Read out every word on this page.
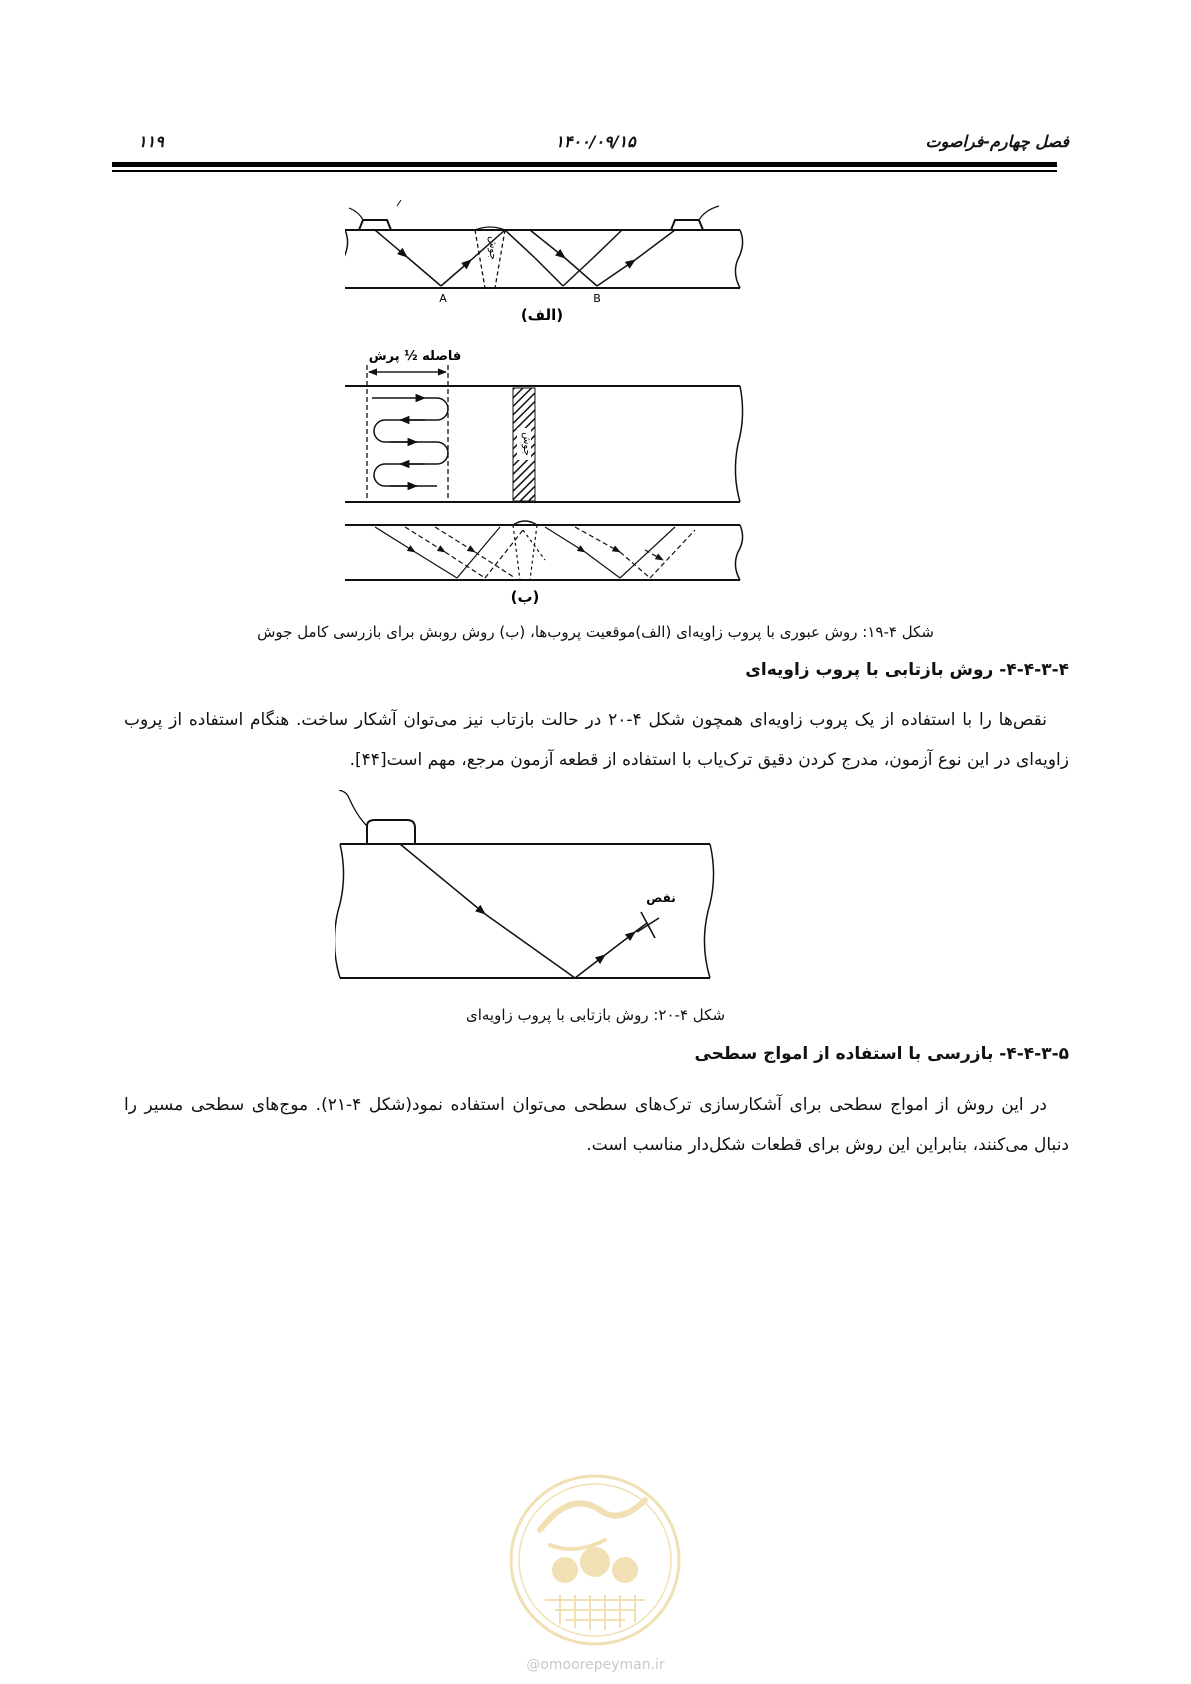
فصل چهارم-فراصوت
۱۴۰۰/۰۹/۱۵
۱۱۹
جوش
A	B
(الف)
فاصله ½ پرش
جوش
(ب)
شکل ۴-۱۹: روش عبوری با پروب زاویه‌ای (الف)موقعیت پروب‌ها، (ب) روش روبش برای بازرسی کامل جوش
۴-۴-۳-۴- روش بازتابی با پروب زاویه‌ای
نقص‌ها را با استفاده از یک پروب زاویه‌ای همچون شکل ۴-۲۰ در حالت بازتاب نیز می‌توان آشکار ساخت. هنگام استفاده از پروب زاویه‌ای در این نوع آزمون، مدرج کردن دقیق ترک‌یاب با استفاده از قطعه آزمون مرجع، مهم است[۴۴].
نقص
شکل ۴-۲۰: روش بازتابی با پروب زاویه‌ای
۴-۴-۳-۵- بازرسی با استفاده از امواج سطحی
در این روش از امواج سطحی برای آشکارسازی ترک‌های سطحی می‌توان استفاده نمود(شکل ۴-۲۱). موج‌های سطحی مسیر را دنبال می‌کنند، بنابراین این روش برای قطعات شکل‌دار مناسب است.
@omoorepeyman.ir
